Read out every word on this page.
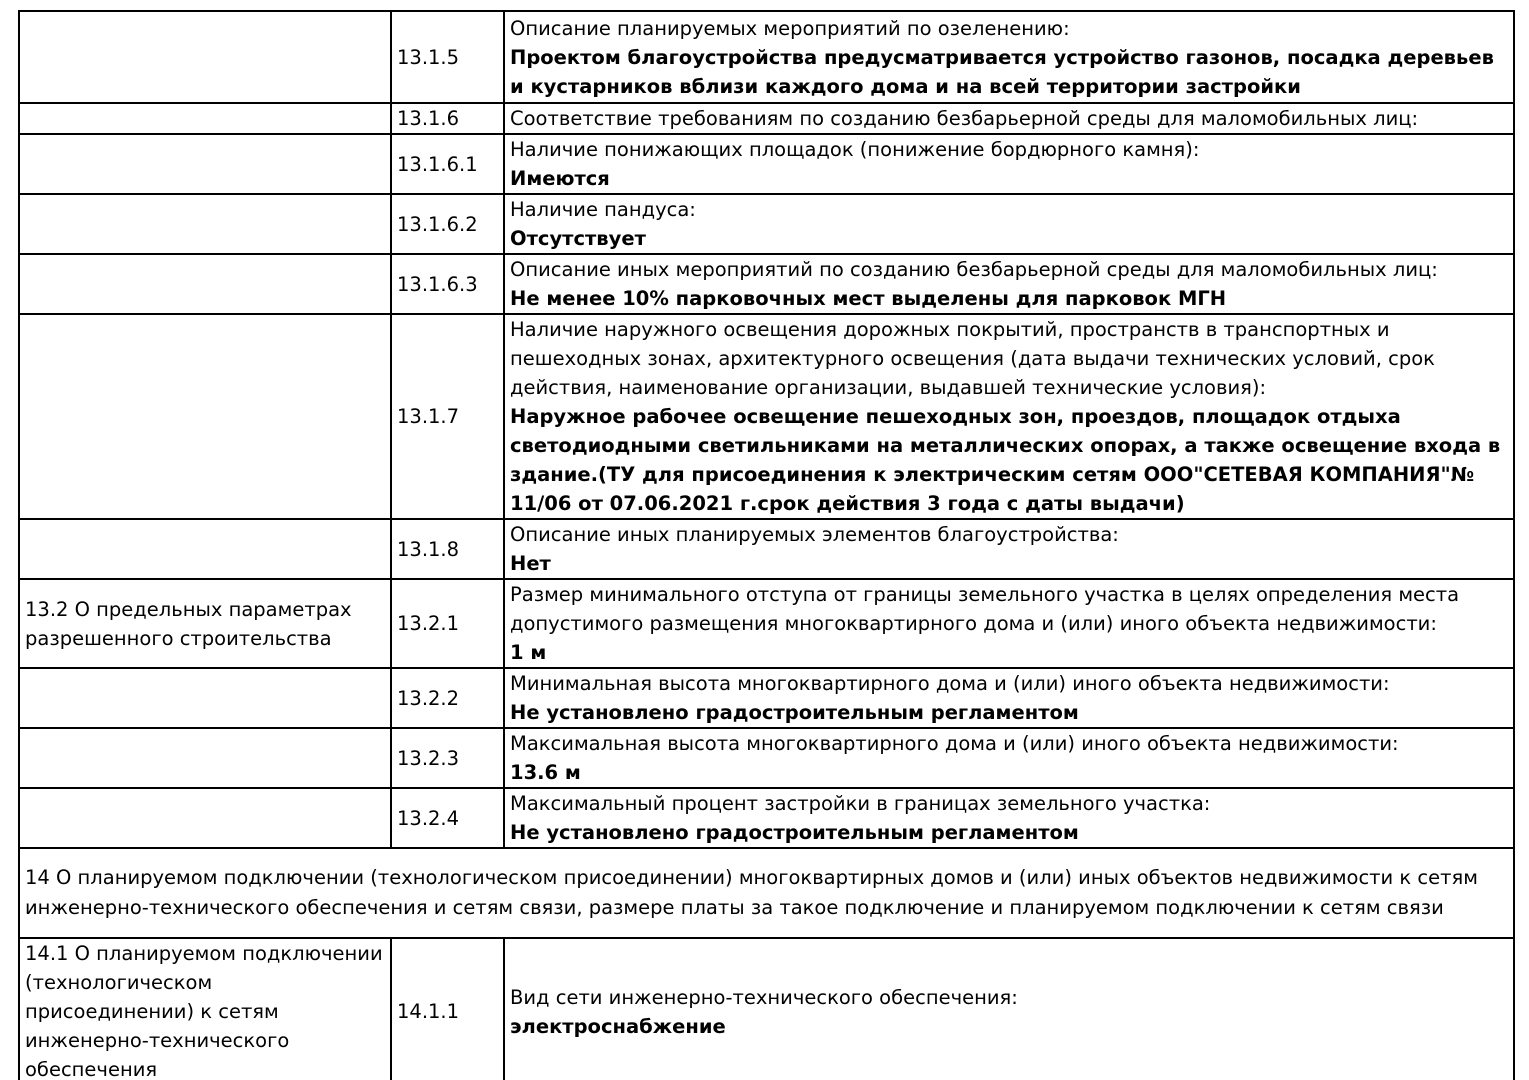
	13.1.5	Описание планируемых мероприятий по озеленению:
Проектом благоустройства предусматривается устройство газонов, посадка деревьев и кустарников вблизи каждого дома и на всей территории застройки

	13.1.6	Соответствие требованиям по созданию безбарьерной среды для маломобильных лиц:

	13.1.6.1	Наличие понижающих площадок (понижение бордюрного камня):
Имеются

	13.1.6.2	Наличие пандуса:
Отсутствует

	13.1.6.3	Описание иных мероприятий по созданию безбарьерной среды для маломобильных лиц:
Не менее 10% парковочных мест выделены для парковок МГН

	13.1.7	Наличие наружного освещения дорожных покрытий, пространств в транспортных и пешеходных зонах, архитектурного освещения (дата выдачи технических условий, срок действия, наименование организации, выдавшей технические условия):
Наружное рабочее освещение пешеходных зон, проездов, площадок отдыха светодиодными светильниками на металлических опорах, а также освещение входа в здание.(ТУ для присоединения к электрическим сетям ООО"СЕТЕВАЯ КОМПАНИЯ"№ 11/06 от 07.06.2021 г.срок действия 3 года с даты выдачи)

	13.1.8	Описание иных планируемых элементов благоустройства:
Нет

13.2 О предельных параметрах разрешенного строительства	13.2.1	Размер минимального отступа от границы земельного участка в целях определения места допустимого размещения многоквартирного дома и (или) иного объекта недвижимости:
1 м

	13.2.2	Минимальная высота многоквартирного дома и (или) иного объекта недвижимости:
Не установлено градостроительным регламентом

	13.2.3	Максимальная высота многоквартирного дома и (или) иного объекта недвижимости:
13.6 м

	13.2.4	Максимальный процент застройки в границах земельного участка:
Не установлено градостроительным регламентом

14 О планируемом подключении (технологическом присоединении) многоквартирных домов и (или) иных объектов недвижимости к сетям инженерно-технического обеспечения и сетям связи, размере платы за такое подключение и планируемом подключении к сетям связи		
14.1 О планируемом подключении (технологическом присоединении) к сетям инженерно-технического обеспечения	14.1.1	Вид сети инженерно-технического обеспечения:
электроснабжение
